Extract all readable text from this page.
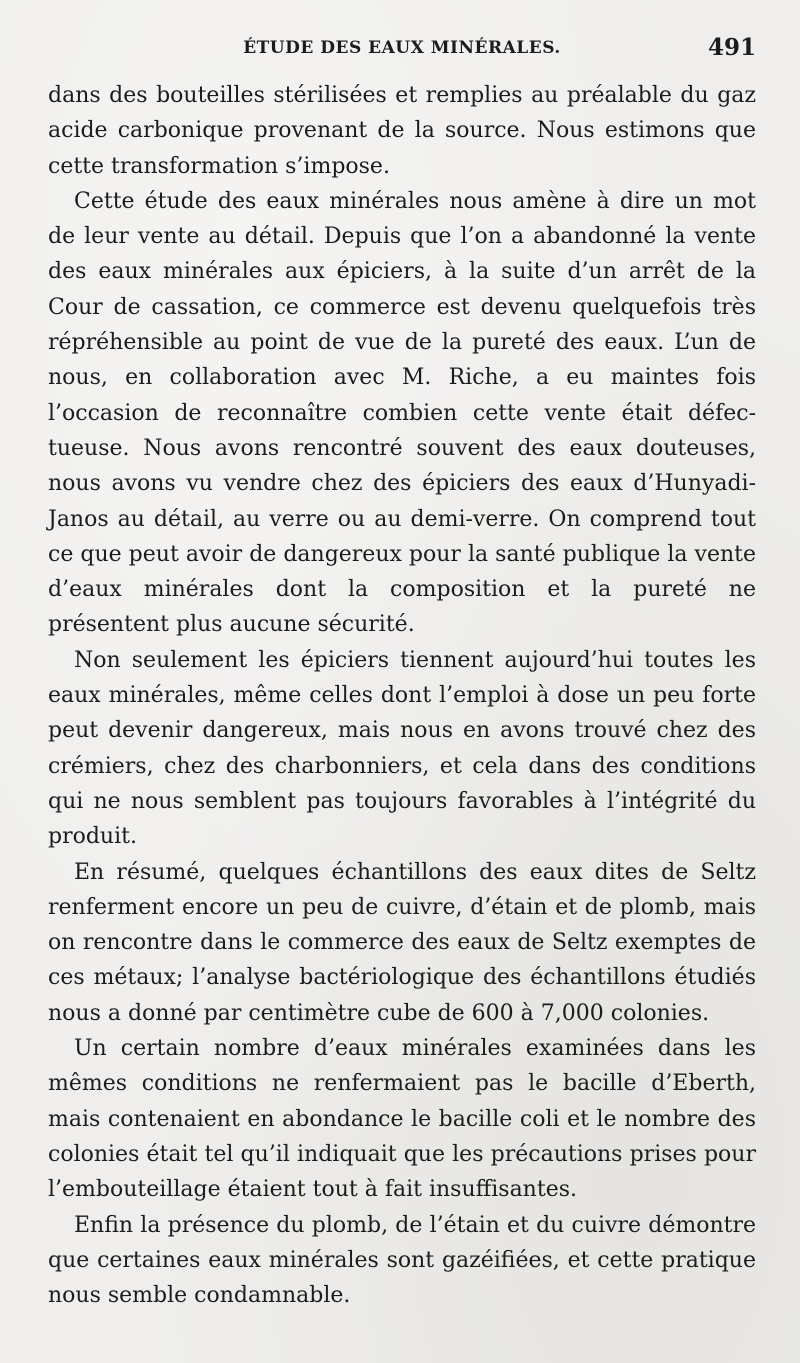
ÉTUDE DES EAUX MINÉRALES.	491

dans des bouteilles stérilisées et remplies au préalable du gaz acide carbonique provenant de la source. Nous estimons que cette transformation s’impose.

Cette étude des eaux minérales nous amène à dire un mot de leur vente au détail. Depuis que l’on a abandonné la vente des eaux minérales aux épiciers, à la suite d’un arrêt de la Cour de cassation, ce commerce est devenu quelquefois très répréhensible au point de vue de la pureté des eaux. L’un de nous, en collaboration avec M. Riche, a eu maintes fois l’occasion de reconnaître combien cette vente était défectueuse. Nous avons rencontré souvent des eaux douteuses, nous avons vu vendre chez des épiciers des eaux d’Hunyadi-Janos au détail, au verre ou au demi-verre. On comprend tout ce que peut avoir de dangereux pour la santé publique la vente d’eaux minérales dont la composition et la pureté ne présentent plus aucune sécurité.

Non seulement les épiciers tiennent aujourd’hui toutes les eaux minérales, même celles dont l’emploi à dose un peu forte peut devenir dangereux, mais nous en avons trouvé chez des crémiers, chez des charbonniers, et cela dans des conditions qui ne nous semblent pas toujours favorables à l’intégrité du produit.

En résumé, quelques échantillons des eaux dites de Seltz renferment encore un peu de cuivre, d’étain et de plomb, mais on rencontre dans le commerce des eaux de Seltz exemptes de ces métaux; l’analyse bactériologique des échantillons étudiés nous a donné par centimètre cube de 600 à 7,000 colonies.

Un certain nombre d’eaux minérales examinées dans les mêmes conditions ne renfermaient pas le bacille d’Eberth, mais contenaient en abondance le bacille coli et le nombre des colonies était tel qu’il indiquait que les précautions prises pour l’embouteillage étaient tout à fait insuffisantes.

Enfin la présence du plomb, de l’étain et du cuivre démontre que certaines eaux minérales sont gazéifiées, et cette pratique nous semble condamnable.
